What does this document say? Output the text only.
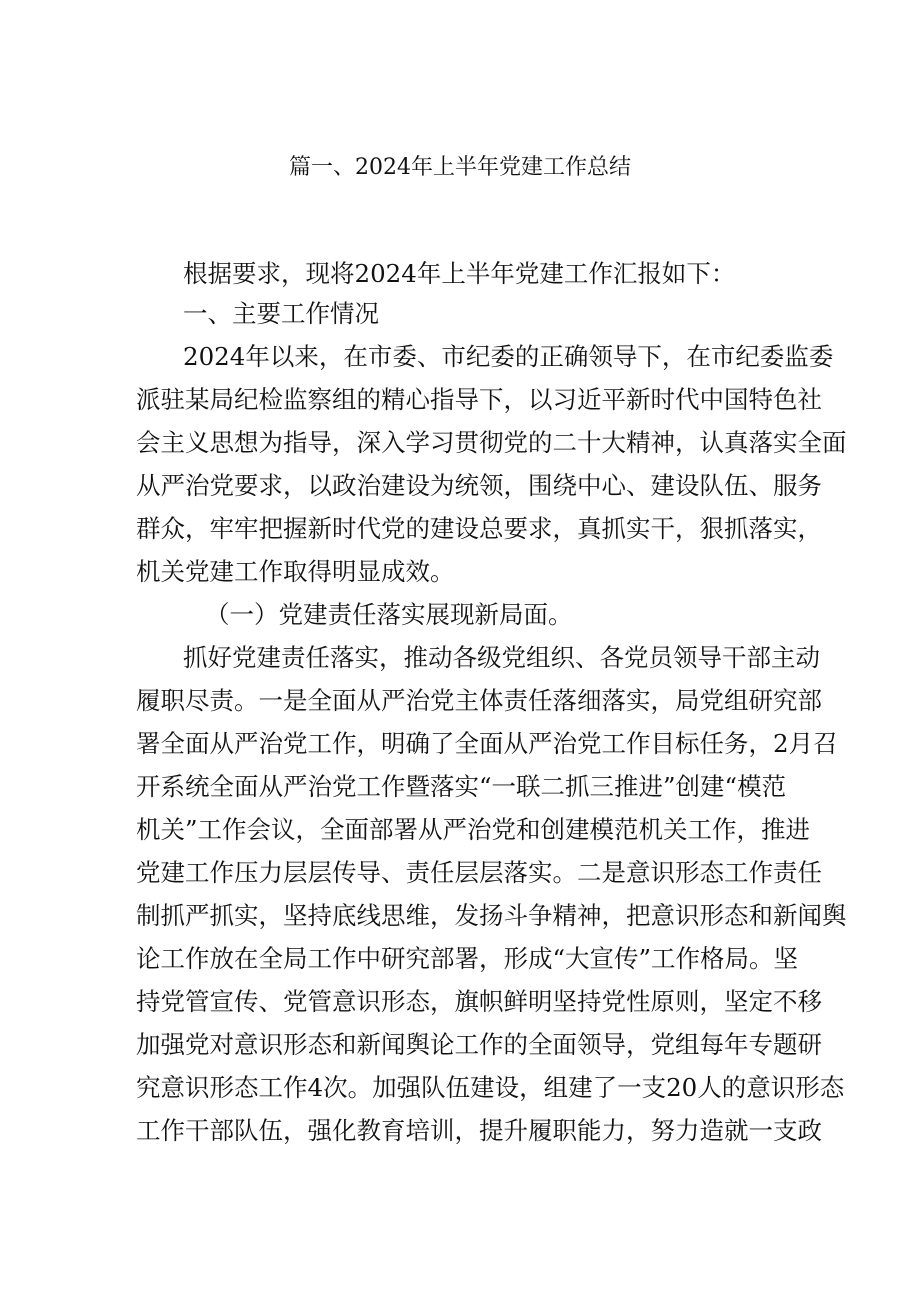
篇一、2024年上半年党建工作总结
根据要求，现将2024年上半年党建工作汇报如下：
一、主要工作情况
2024年以来，在市委、市纪委的正确领导下，在市纪委监委
派驻某局纪检监察组的精心指导下，以习近平新时代中国特色社
会主义思想为指导，深入学习贯彻党的二十大精神，认真落实全面
从严治党要求，以政治建设为统领，围绕中心、建设队伍、服务
群众，牢牢把握新时代党的建设总要求，真抓实干，狠抓落实，
机关党建工作取得明显成效。
（一）党建责任落实展现新局面。
抓好党建责任落实，推动各级党组织、各党员领导干部主动
履职尽责。一是全面从严治党主体责任落细落实，局党组研究部
署全面从严治党工作，明确了全面从严治党工作目标任务，2月召
开系统全面从严治党工作暨落实“一联二抓三推进”创建“模范
机关”工作会议，全面部署从严治党和创建模范机关工作，推进
党建工作压力层层传导、责任层层落实。二是意识形态工作责任
制抓严抓实，坚持底线思维，发扬斗争精神，把意识形态和新闻舆
论工作放在全局工作中研究部署，形成“大宣传”工作格局。坚
持党管宣传、党管意识形态，旗帜鲜明坚持党性原则，坚定不移
加强党对意识形态和新闻舆论工作的全面领导，党组每年专题研
究意识形态工作4次。加强队伍建设，组建了一支20人的意识形态
工作干部队伍，强化教育培训，提升履职能力，努力造就一支政
